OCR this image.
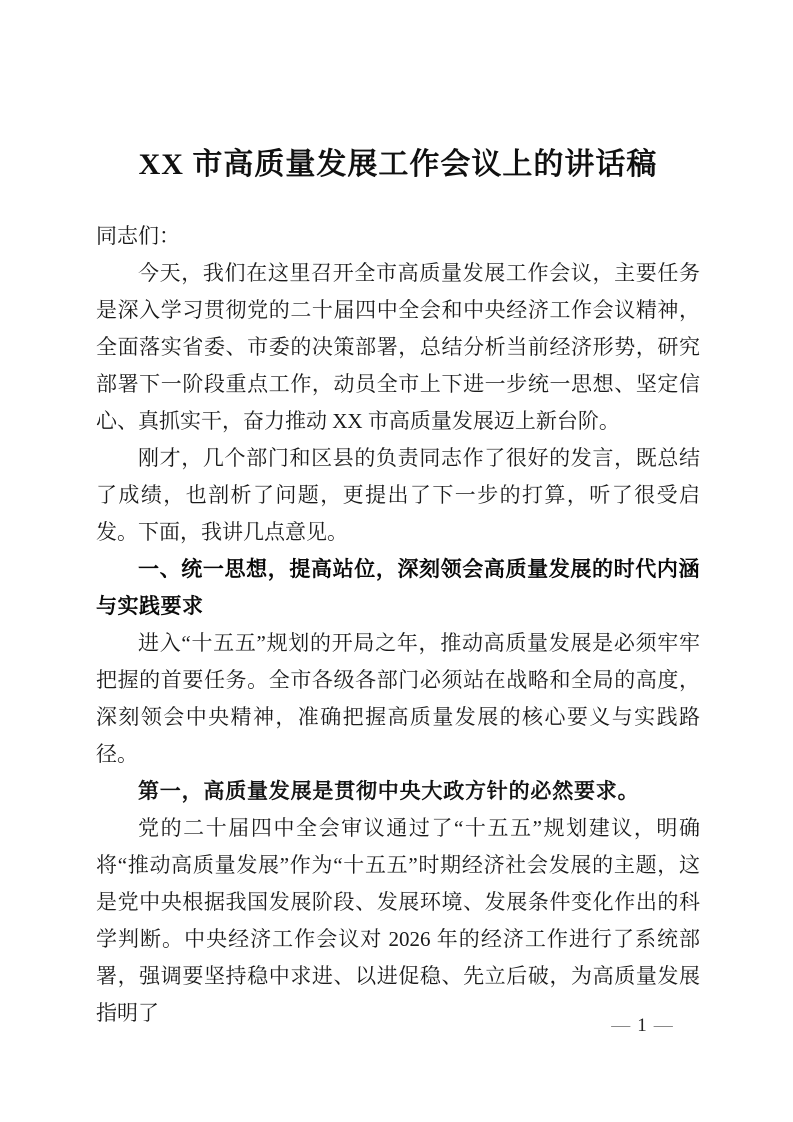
XX 市高质量发展工作会议上的讲话稿

同志们：

今天，我们在这里召开全市高质量发展工作会议，主要任务是深入学习贯彻党的二十届四中全会和中央经济工作会议精神，全面落实省委、市委的决策部署，总结分析当前经济形势，研究部署下一阶段重点工作，动员全市上下进一步统一思想、坚定信心、真抓实干，奋力推动 XX 市高质量发展迈上新台阶。

刚才，几个部门和区县的负责同志作了很好的发言，既总结了成绩，也剖析了问题，更提出了下一步的打算，听了很受启发。下面，我讲几点意见。

一、统一思想，提高站位，深刻领会高质量发展的时代内涵与实践要求

进入“十五五”规划的开局之年，推动高质量发展是必须牢牢把握的首要任务。全市各级各部门必须站在战略和全局的高度，深刻领会中央精神，准确把握高质量发展的核心要义与实践路径。

第一，高质量发展是贯彻中央大政方针的必然要求。

党的二十届四中全会审议通过了“十五五”规划建议，明确将“推动高质量发展”作为“十五五”时期经济社会发展的主题，这是党中央根据我国发展阶段、发展环境、发展条件变化作出的科学判断。中央经济工作会议对 2026 年的经济工作进行了系统部署，强调要坚持稳中求进、以进促稳、先立后破，为高质量发展指明了

— 1 —
